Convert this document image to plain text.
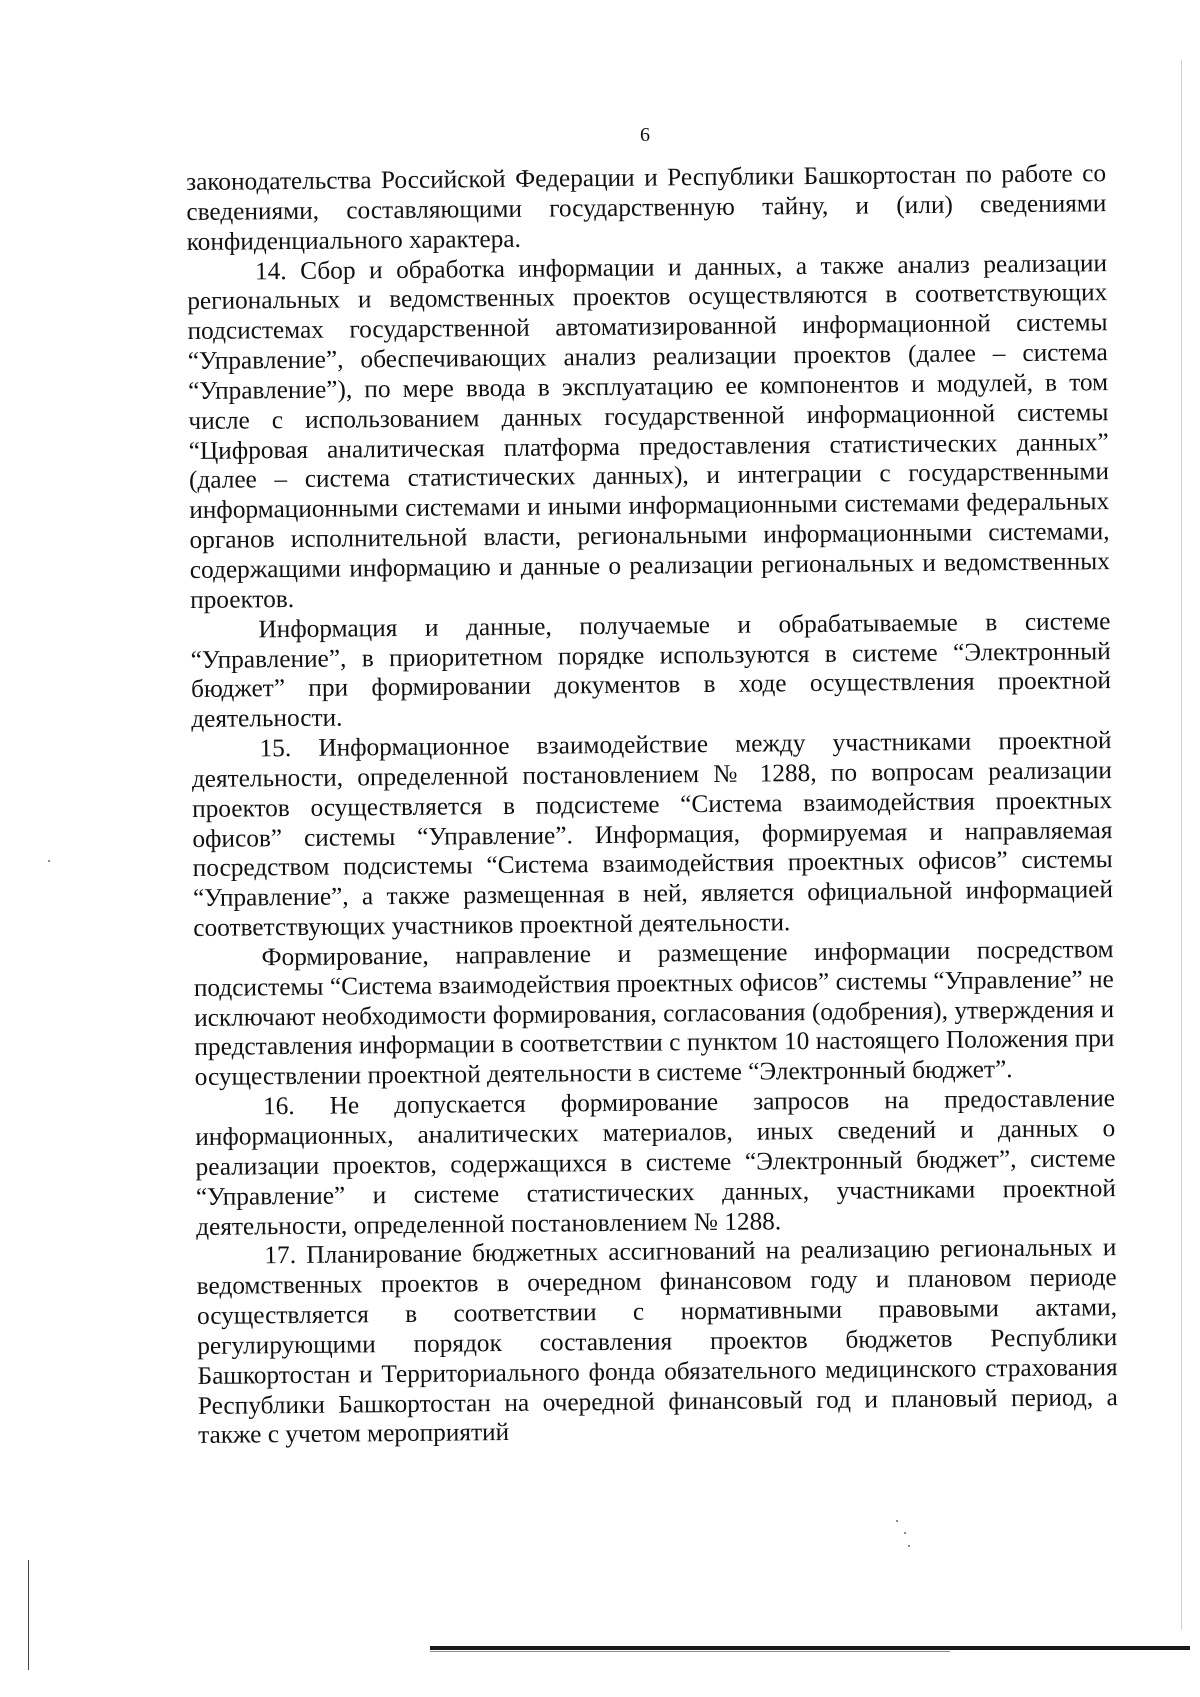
6

законодательства Российской Федерации и Республики Башкортостан по работе со сведениями, составляющими государственную тайну, и (или) сведениями конфиденциального характера.

14. Сбор и обработка информации и данных, а также анализ реализации региональных и ведомственных проектов осуществляются в соответствующих подсистемах государственной автоматизированной информационной системы “Управление”, обеспечивающих анализ реализации проектов (далее – система “Управление”), по мере ввода в эксплуатацию ее компонентов и модулей, в том числе с использованием данных государственной информационной системы “Цифровая аналитическая платформа предоставления статистических данных” (далее – система статистических данных), и интеграции с государственными информационными системами и иными информационными системами федеральных органов исполнительной власти, региональными информационными системами, содержащими информацию и данные о реализации региональных и ведомственных проектов.

Информация и данные, получаемые и обрабатываемые в системе “Управление”, в приоритетном порядке используются в системе “Электронный бюджет” при формировании документов в ходе осуществления проектной деятельности.

15. Информационное взаимодействие между участниками проектной деятельности, определенной постановлением № 1288, по вопросам реализации проектов осуществляется в подсистеме “Система взаимодействия проектных офисов” системы “Управление”. Информация, формируемая и направляемая посредством подсистемы “Система взаимодействия проектных офисов” системы “Управление”, а также размещенная в ней, является официальной информацией соответствующих участников проектной деятельности.

Формирование, направление и размещение информации посредством подсистемы “Система взаимодействия проектных офисов” системы “Управление” не исключают необходимости формирования, согласования (одобрения), утверждения и представления информации в соответствии с пунктом 10 настоящего Положения при осуществлении проектной деятельности в системе “Электронный бюджет”.

16. Не допускается формирование запросов на предоставление информационных, аналитических материалов, иных сведений и данных о реализации проектов, содержащихся в системе “Электронный бюджет”, системе “Управление” и системе статистических данных, участниками проектной деятельности, определенной постановлением № 1288.

17. Планирование бюджетных ассигнований на реализацию региональных и ведомственных проектов в очередном финансовом году и плановом периоде осуществляется в соответствии с нормативными правовыми актами, регулирующими порядок составления проектов бюджетов Республики Башкортостан и Территориального фонда обязательного медицинского страхования Республики Башкортостан на очередной финансовый год и плановый период, а также с учетом мероприятий
